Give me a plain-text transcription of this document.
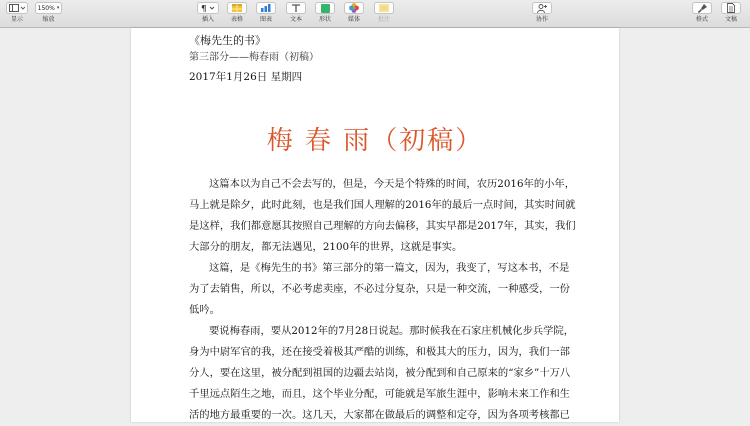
显示
150% ▾
缩放
¶
插入	表格	图表	文本	形状	媒体	批注	协作	格式	文稿
《梅先生的书》
第三部分——梅春雨（初稿）
2017年1月26日 星期四
梅 春 雨（初稿）
这篇本以为自己不会去写的，但是，今天是个特殊的时间，农历2016年的小年，
马上就是除夕，此时此刻，也是我们国人理解的2016年的最后一点时间，其实时间就
是这样，我们都意愿其按照自己理解的方向去偏移，其实早都是2017年，其实，我们
大部分的朋友，都无法遇见，2100年的世界，这就是事实。
这篇，是《梅先生的书》第三部分的第一篇文，因为，我变了，写这本书，不是
为了去销售，所以，不必考虑卖座，不必过分复杂，只是一种交流，一种感受，一份
低吟。
要说梅春雨，要从2012年的7月28日说起。那时候我在石家庄机械化步兵学院，
身为中尉军官的我，还在接受着极其严酷的训练，和极其大的压力，因为，我们一部
分人，要在这里，被分配到祖国的边疆去站岗，被分配到和自己原来的“家乡”十万八
千里远点陌生之地，而且，这个毕业分配，可能就是军旅生涯中，影响未来工作和生
活的地方最重要的一次。这几天，大家都在做最后的调整和定夺，因为各项考核都已
